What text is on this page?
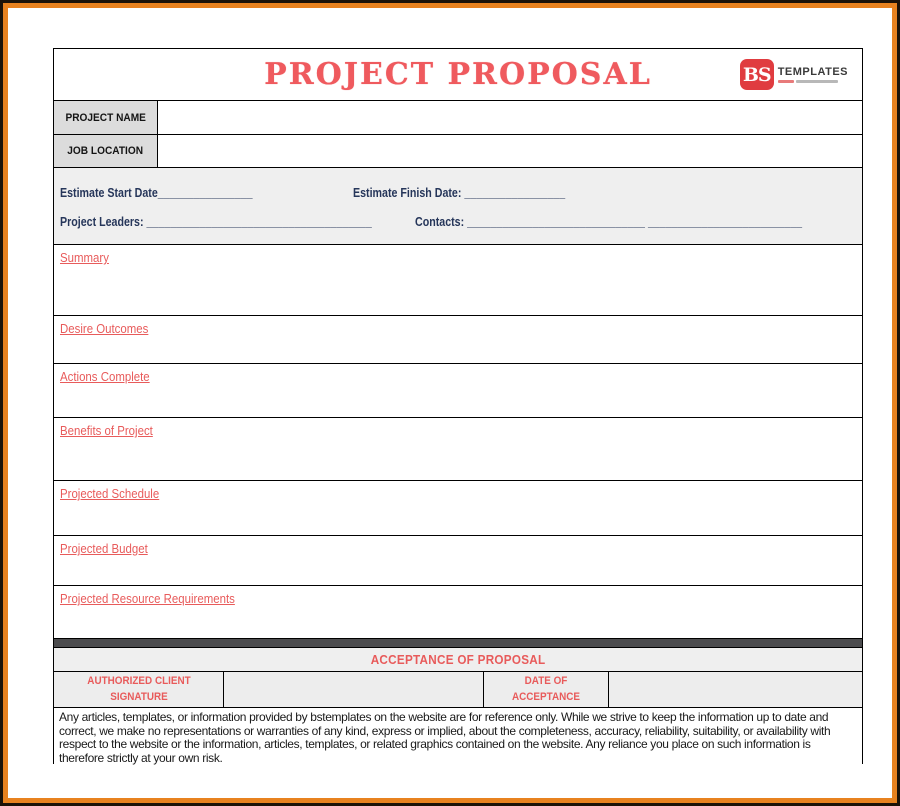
PROJECT PROPOSAL	BS TEMPLATES
PROJECT NAME
JOB LOCATION
Estimate Start Date________________	Estimate Finish Date: _________________
Project Leaders: ______________________________________	Contacts: ______________________________ __________________________
Summary
Desire Outcomes
Actions Complete
Benefits of Project
Projected Schedule
Projected Budget
Projected Resource Requirements
ACCEPTANCE OF PROPOSAL
AUTHORIZED CLIENT SIGNATURE
DATE OF ACCEPTANCE

Any articles, templates, or information provided by bstemplates on the website are for reference only. While we strive to keep the information up to date and correct, we make no representations or warranties of any kind, express or implied, about the completeness, accuracy, reliability, suitability, or availability with respect to the website or the information, articles, templates, or related graphics contained on the website. Any reliance you place on such information is therefore strictly at your own risk.
